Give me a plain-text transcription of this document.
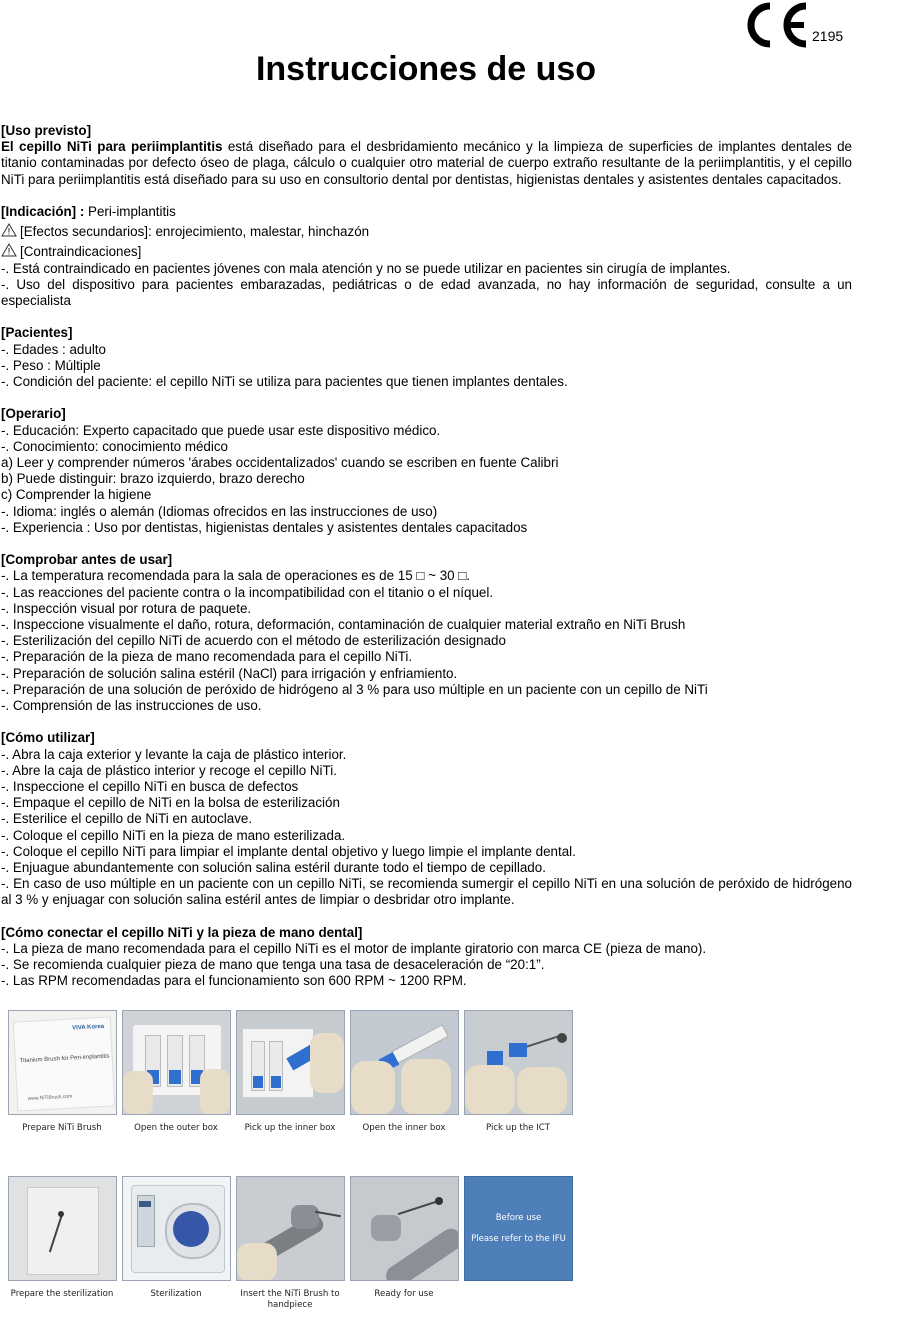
2195
Instrucciones de uso

[Uso previsto]

El cepillo NiTi para periimplantitis está diseñado para el desbridamiento mecánico y la limpieza de superficies de implantes dentales de titanio contaminadas por defecto óseo de plaga, cálculo o cualquier otro material de cuerpo extraño resultante de la periimplantitis, y el cepillo NiTi para periimplantitis está diseñado para su uso en consultorio dental por dentistas, higienistas dentales y asistentes dentales capacitados.

[Indicación] : Peri-implantitis

[Efectos secundarios]: enrojecimiento, malestar, hinchazón

[Contraindicaciones]

-. Está contraindicado en pacientes jóvenes con mala atención y no se puede utilizar en pacientes sin cirugía de implantes.

-. Uso del dispositivo para pacientes embarazadas, pediátricas o de edad avanzada, no hay información de seguridad, consulte a un especialista

[Pacientes]

-. Edades : adulto

-. Peso : Múltiple

-. Condición del paciente: el cepillo NiTi se utiliza para pacientes que tienen implantes dentales.

[Operario]

-. Educación: Experto capacitado que puede usar este dispositivo médico.

-. Conocimiento: conocimiento médico

a) Leer y comprender números 'árabes occidentalizados' cuando se escriben en fuente Calibri

b) Puede distinguir: brazo izquierdo, brazo derecho

c) Comprender la higiene

-. Idioma: inglés o alemán (Idiomas ofrecidos en las instrucciones de uso)

-. Experiencia : Uso por dentistas, higienistas dentales y asistentes dentales capacitados

[Comprobar antes de usar]

-. La temperatura recomendada para la sala de operaciones es de 15 □ ~ 30 □.

-. Las reacciones del paciente contra o la incompatibilidad con el titanio o el níquel.

-. Inspección visual por rotura de paquete.

-. Inspeccione visualmente el daño, rotura, deformación, contaminación de cualquier material extraño en NiTi Brush

-. Esterilización del cepillo NiTi de acuerdo con el método de esterilización designado

-. Preparación de la pieza de mano recomendada para el cepillo NiTi.

-. Preparación de solución salina estéril (NaCl) para irrigación y enfriamiento.

-. Preparación de una solución de peróxido de hidrógeno al 3 % para uso múltiple en un paciente con un cepillo de NiTi

-. Comprensión de las instrucciones de uso.

[Cómo utilizar]

-. Abra la caja exterior y levante la caja de plástico interior.

-. Abre la caja de plástico interior y recoge el cepillo NiTi.

-. Inspeccione el cepillo NiTi en busca de defectos

-. Empaque el cepillo de NiTi en la bolsa de esterilización

-. Esterilice el cepillo de NiTi en autoclave.

-. Coloque el cepillo NiTi en la pieza de mano esterilizada.

-. Coloque el cepillo NiTi para limpiar el implante dental objetivo y luego limpie el implante dental.

-. Enjuague abundantemente con solución salina estéril durante todo el tiempo de cepillado.

-. En caso de uso múltiple en un paciente con un cepillo NiTi, se recomienda sumergir el cepillo NiTi en una solución de peróxido de hidrógeno al 3 % y enjuagar con solución salina estéril antes de limpiar o desbridar otro implante.

[Cómo conectar el cepillo NiTi y la pieza de mano dental]

-. La pieza de mano recomendada para el cepillo NiTi es el motor de implante giratorio con marca CE (pieza de mano).

-. Se recomienda cualquier pieza de mano que tenga una tasa de desaceleración de “20:1”.

-. Las RPM recomendadas para el funcionamiento son 600 RPM ~ 1200 RPM.

VIVA Korea
Titanium Brush for Peri-implantitis
www.NiTiBrush.com
Prepare NiTi Brush	Open the outer box	Pick up the inner box	Open the inner box	Pick up the ICT
Prepare the sterilization	Sterilization	Insert the NiTi Brush to handpiece
Ready for use
Before use
Please refer to the IFU
